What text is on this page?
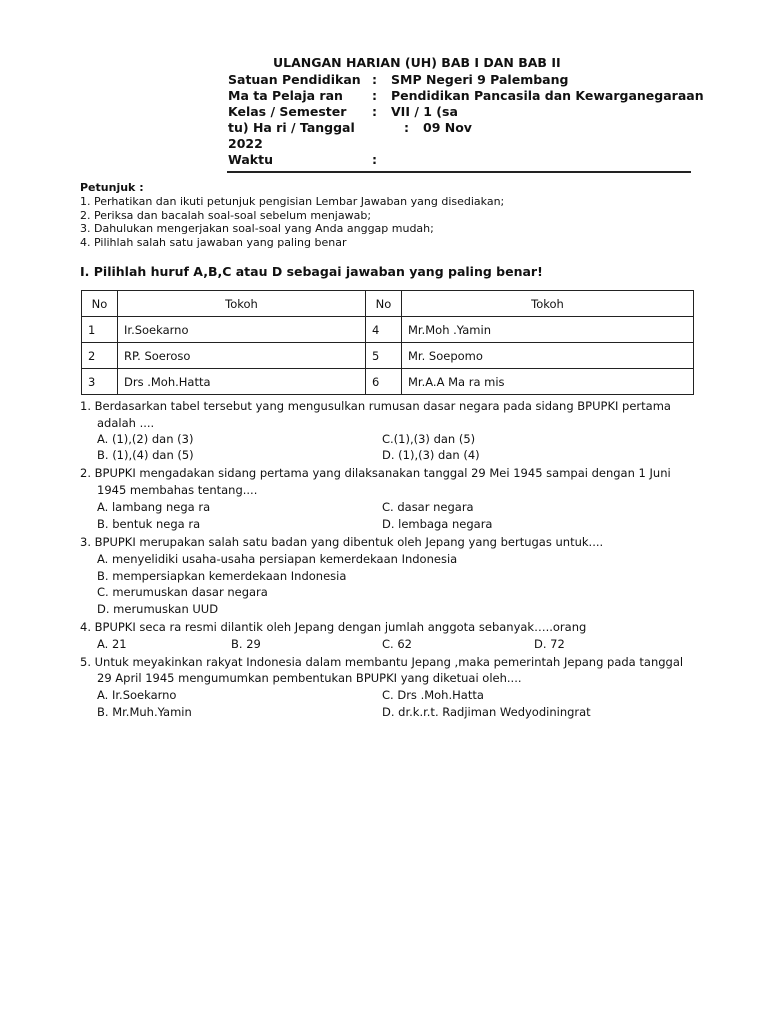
ULANGAN HARIAN (UH) BAB I DAN BAB II
Satuan Pendidikan : SMP Negeri 9 Palembang
Ma ta Pelaja ran : Pendidikan Pancasila dan Kewarganegaraan
Kelas / Semester : VII / 1 (sa
tu) Ha ri / Tanggal	: 09 Nov
2022
Waktu	:
Petunjuk :
1. Perhatikan dan ikuti petunjuk pengisian Lembar Jawaban yang disediakan;
2. Periksa dan bacalah soal-soal sebelum menjawab;
3. Dahulukan mengerjakan soal-soal yang Anda anggap mudah;
4. Pilihlah salah satu jawaban yang paling benar
I. Pilihlah huruf A,B,C atau D sebagai jawaban yang paling benar!
No	Tokoh	No	Tokoh
1	Ir.Soekarno	4	Mr.Moh .Yamin
2	RP. Soeroso	5	Mr. Soepomo
3	Drs .Moh.Hatta	6	Mr.A.A Ma ra mis
1. Berdasarkan tabel tersebut yang mengusulkan rumusan dasar negara pada sidang BPUPKI pertama
adalah ....
A. (1),(2) dan (3)	C.(1),(3) dan (5)
B. (1),(4) dan (5)	D. (1),(3) dan (4)
2. BPUPKI mengadakan sidang pertama yang dilaksanakan tanggal 29 Mei 1945 sampai dengan 1 Juni
1945 membahas tentang....
A. lambang nega ra	C. dasar negara
B. bentuk nega ra	D. lembaga negara
3. BPUPKI merupakan salah satu badan yang dibentuk oleh Jepang yang bertugas untuk....
A. menyelidiki usaha-usaha persiapan kemerdekaan Indonesia
B. mempersiapkan kemerdekaan Indonesia
C. merumuskan dasar negara
D. merumuskan UUD
4. BPUPKI seca ra resmi dilantik oleh Jepang dengan jumlah anggota sebanyak…..orang
A. 21	B. 29	C. 62	D. 72
5. Untuk meyakinkan rakyat Indonesia dalam membantu Jepang ,maka pemerintah Jepang pada tanggal
29 April 1945 mengumumkan pembentukan BPUPKI yang diketuai oleh....
A. Ir.Soekarno	C. Drs .Moh.Hatta
B. Mr.Muh.Yamin	D. dr.k.r.t. Radjiman Wedyodiningrat
